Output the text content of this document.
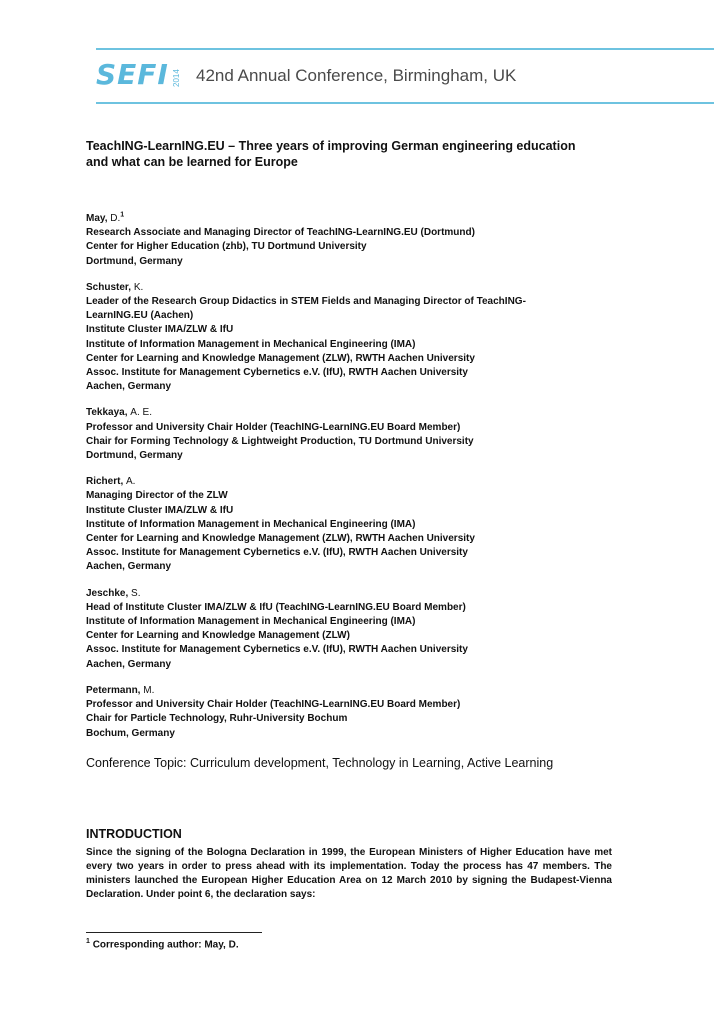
SEFI 2014 42nd Annual Conference, Birmingham, UK

TeachING-LearnING.EU – Three years of improving German engineering education
and what can be learned for Europe

May, D.$^1$
Research Associate and Managing Director of TeachING-LearnING.EU (Dortmund)
Center for Higher Education (zhb), TU Dortmund University
Dortmund, Germany
Schuster, K.
Leader of the Research Group Didactics in STEM Fields and Managing Director of TeachING-
LearnING.EU (Aachen)
Institute Cluster IMA/ZLW & IfU
Institute of Information Management in Mechanical Engineering (IMA)
Center for Learning and Knowledge Management (ZLW), RWTH Aachen University
Assoc. Institute for Management Cybernetics e.V. (IfU), RWTH Aachen University
Aachen, Germany
Tekkaya, A. E.
Professor and University Chair Holder (TeachING-LearnING.EU Board Member)
Chair for Forming Technology & Lightweight Production, TU Dortmund University
Dortmund, Germany
Richert, A.
Managing Director of the ZLW
Institute Cluster IMA/ZLW & IfU
Institute of Information Management in Mechanical Engineering (IMA)
Center for Learning and Knowledge Management (ZLW), RWTH Aachen University
Assoc. Institute for Management Cybernetics e.V. (IfU), RWTH Aachen University
Aachen, Germany
Jeschke, S.
Head of Institute Cluster IMA/ZLW & IfU (TeachING-LearnING.EU Board Member)
Institute of Information Management in Mechanical Engineering (IMA)
Center for Learning and Knowledge Management (ZLW)
Assoc. Institute for Management Cybernetics e.V. (IfU), RWTH Aachen University
Aachen, Germany
Petermann, M.
Professor and University Chair Holder (TeachING-LearnING.EU Board Member)
Chair for Particle Technology, Ruhr-University Bochum
Bochum, Germany
Conference Topic: Curriculum development, Technology in Learning, Active Learning
INTRODUCTION
Since the signing of the Bologna Declaration in 1999, the European Ministers of Higher Education have met every two years in order to press ahead with its implementation. Today the process has 47 members. The ministers launched the European Higher Education Area on 12 March 2010 by signing the Budapest-Vienna Declaration. Under point 6, the declaration says:
$^1$ Corresponding author: May, D.
